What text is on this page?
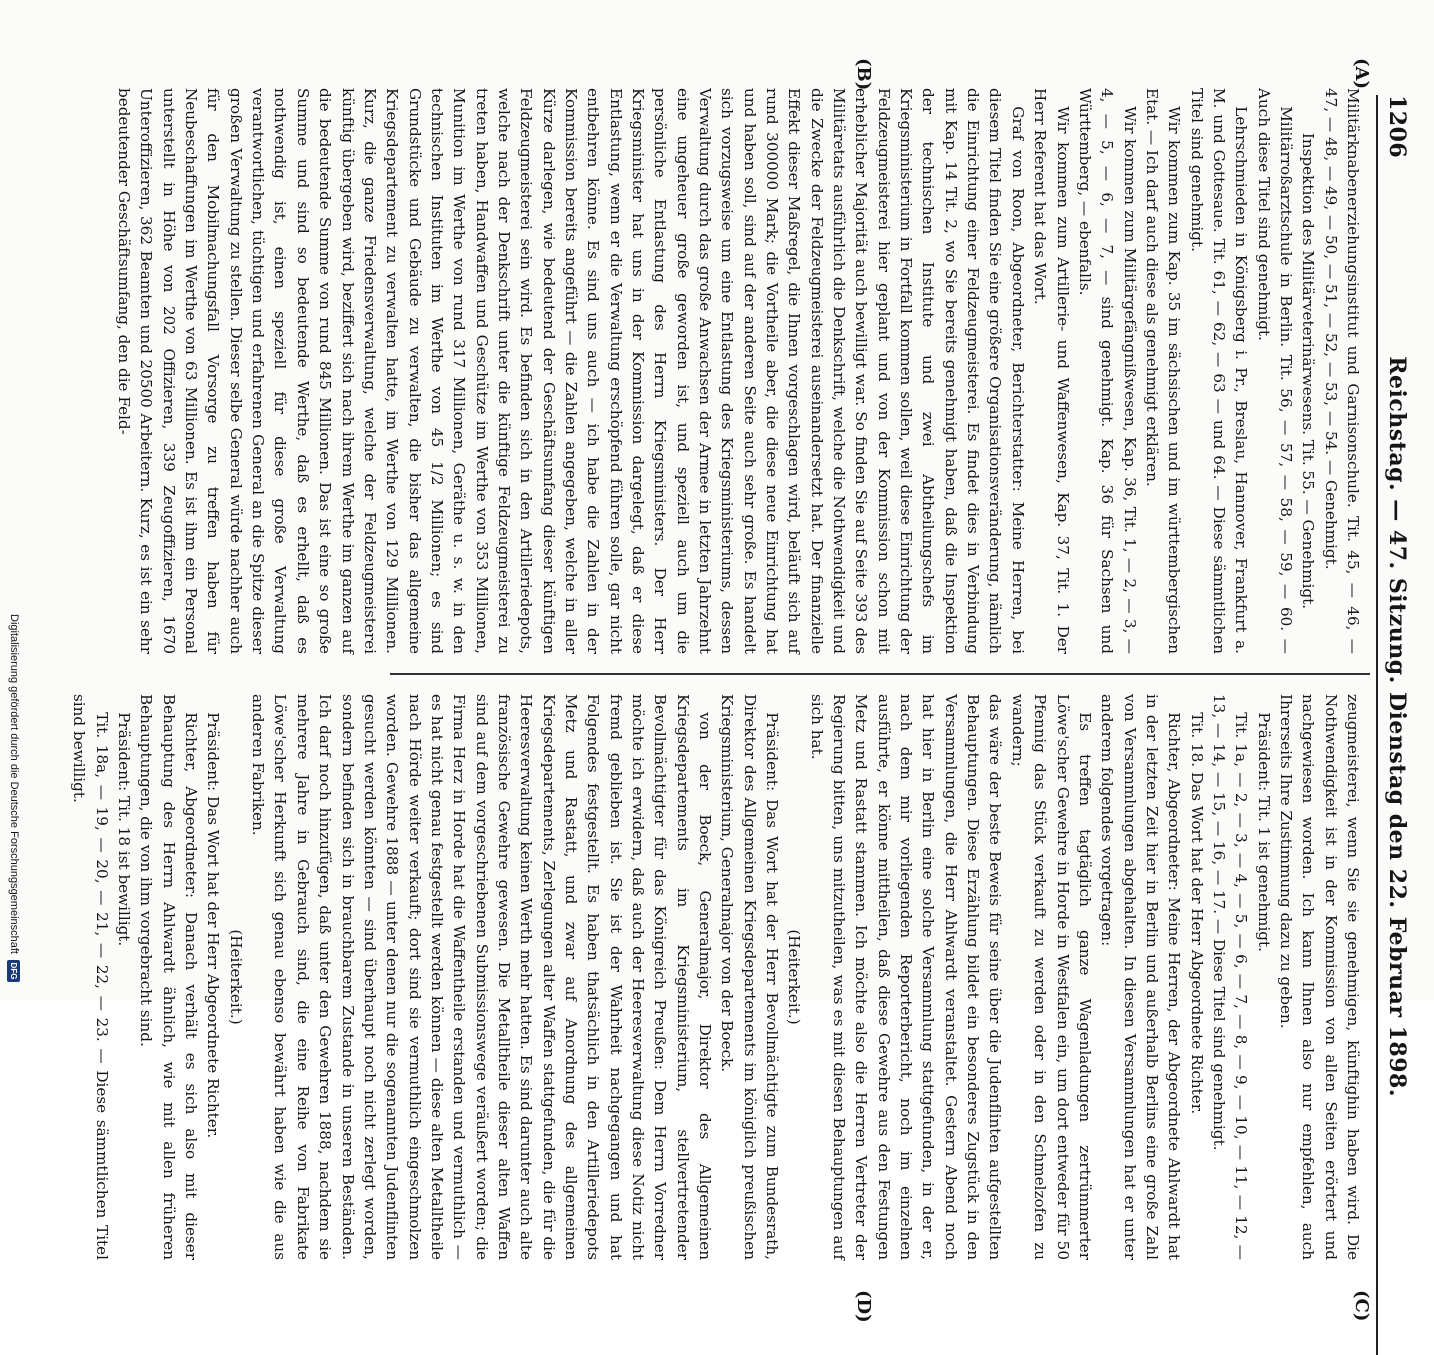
1206
Reichstag. — 47. Sitzung. Dienstag den 22. Februar 1898.
(A)
(B)
(C)
(D)

Militärknabenerziehungsinstitut und Garnisonschule. Tit. 45, — 46, — 47, — 48, — 49, — 50, — 51, — 52, — 53, — 54. — Genehmigt.

Inspektion des Militärveterinärwesens. Tit. 55. — Genehmigt.

Militärroßarztschule in Berlin. Tit. 56, — 57, — 58, — 59, — 60. — Auch diese Titel sind genehmigt.

Lehrschmieden in Königsberg i. Pr., Breslau, Hannover, Frankfurt a. M. und Gottesaue. Tit. 61, — 62, — 63 — und 64. — Diese sämmtlichen Titel sind genehmigt.

Wir kommen zum Kap. 35 im sächsischen und im württembergischen Etat. — Ich darf auch diese als genehmigt erklären.

Wir kommen zum Militärgefängnißwesen, Kap. 36, Tit. 1, — 2, — 3, — 4, — 5, — 6, — 7, — sind genehmigt. Kap. 36 für Sachsen und Württemberg, — ebenfalls.

Wir kommen zum Artillerie- und Waffenwesen, Kap. 37, Tit. 1. Der Herr Referent hat das Wort.

Graf von Roon, Abgeordneter, Berichterstatter: Meine Herren, bei diesem Titel finden Sie eine größere Organisationsveränderung, nämlich die Einrichtung einer Feldzeugmeisterei. Es findet dies in Verbindung mit Kap. 14 Tit. 2, wo Sie bereits genehmigt haben, daß die Inspektion der technischen Institute und zwei Abtheilungschefs im Kriegsministerium in Fortfall kommen sollen, weil diese Einrichtung der Feldzeugmeisterei hier geplant und von der Kommission schon mit erheblicher Majorität auch bewilligt war. So finden Sie auf Seite 393 des Militäretats ausführlich die Denkschrift, welche die Nothwendigkeit und die Zwecke der Feldzeugmeisterei auseinandersetzt hat. Der finanzielle Effekt dieser Maßregel, die Ihnen vorgeschlagen wird, beläuft sich auf rund 300000 Mark; die Vortheile aber, die diese neue Einrichtung hat und haben soll, sind auf der anderen Seite auch sehr große. Es handelt sich vorzugsweise um eine Entlastung des Kriegsministeriums, dessen Verwaltung durch das große Anwachsen der Armee in letzten Jahrzehnt eine ungeheuer große geworden ist, und speziell auch um die persönliche Entlastung des Herrn Kriegsministers. Der Herr Kriegsminister hat uns in der Kommission dargelegt, daß er diese Entlastung, wenn er die Verwaltung erschöpfend führen solle, gar nicht entbehren könne. Es sind uns auch — ich habe die Zahlen in der Kommission bereits angeführt — die Zahlen angegeben, welche in aller Kürze darlegen, wie bedeutend der Geschäftsumfang dieser künftigen Feldzeugmeisterei sein wird. Es befinden sich in den Artilleriedepots, welche nach der Denkschrift unter die künftige Feldzeugmeisterei zu treten haben, Handwaffen und Geschütze im Werthe von 353 Millionen, Munition im Werthe von rund 317 Millionen, Geräthe u. s. w. in den technischen Instituten im Werthe von 45 1/2 Millionen; es sind Grundstücke und Gebäude zu verwalten, die bisher das allgemeine Kriegsdepartement zu verwalten hatte, im Werthe von 129 Millionen. Kurz, die ganze Friedensverwaltung, welche der Feldzeugmeisterei künftig übergeben wird, beziffert sich nach ihrem Werthe im ganzen auf die bedeutende Summe von rund 845 Millionen. Das ist eine so große Summe und sind so bedeutende Werthe, daß es erhellt, daß es nothwendig ist, einen speziell für diese große Verwaltung verantwortlichen, tüchtigen und erfahrenen General an die Spitze dieser großen Verwaltung zu stellen. Dieser selbe General würde nachher auch für den Mobilmachungsfall Vorsorge zu treffen haben für Neubeschaffungen im Werthe von 63 Millionen. Es ist ihm ein Personal unterstellt in Höhe von 202 Offizieren, 339 Zeugoffizieren, 1670 Unteroffizieren, 362 Beamten und 20500 Arbeitern. Kurz, es ist ein sehr bedeutender Geschäftsumfang, den die Feld-

zeugmeisterei, wenn Sie sie genehmigen, künftighin haben wird. Die Nothwendigkeit ist in der Kommission von allen Seiten erörtert und nachgewiesen worden. Ich kann Ihnen also nur empfehlen, auch Ihrerseits Ihre Zustimmung dazu zu geben.

Präsident: Tit. 1 ist genehmigt.

Tit. 1a, — 2, — 3, — 4, — 5, — 6, — 7, — 8, — 9, — 10, — 11, — 12, — 13, — 14, — 15, — 16, — 17. — Diese Titel sind genehmigt.

Tit. 18. Das Wort hat der Herr Abgeordnete Richter.

Richter, Abgeordneter: Meine Herren, der Abgeordnete Ahlwardt hat in der letzten Zeit hier in Berlin und außerhalb Berlins eine große Zahl von Versammlungen abgehalten. In diesen Versammlungen hat er unter anderem folgendes vorgetragen:

Es treffen tagtäglich ganze Wagenladungen zertrümmerter Löwe'scher Gewehre in Horde in Westfalen ein, um dort entweder für 50 Pfennig das Stück verkauft zu werden oder in den Schmelzofen zu wandern;

das wäre der beste Beweis für seine über die Judenflinten aufgestellten Behauptungen. Diese Erzählung bildet ein besonderes Zugstück in den Versammlungen, die Herr Ahlwardt veranstaltet. Gestern Abend noch hat hier in Berlin eine solche Versammlung stattgefunden, in der er, nach dem mir vorliegenden Reporterbericht, noch im einzelnen ausführte, er könne mittheilen, daß diese Gewehre aus den Festungen Metz und Rastatt stammen. Ich möchte also die Herren Vertreter der Regierung bitten, uns mitzutheilen, was es mit diesen Behauptungen auf sich hat.

(Heiterkeit.)

Präsident: Das Wort hat der Herr Bevollmächtigte zum Bundesrath, Direktor des Allgemeinen Kriegsdepartements im königlich preußischen Kriegsministerium, Generalmajor von der Boeck.

von der Boeck, Generalmajor, Direktor des Allgemeinen Kriegsdepartements im Kriegsministerium, stellvertretender Bevollmächtigter für das Königreich Preußen: Dem Herrn Vorredner möchte ich erwidern, daß auch der Heeresverwaltung diese Notiz nicht fremd geblieben ist. Sie ist der Wahrheit nachgegangen und hat Folgendes festgestellt. Es haben thatsächlich in den Artilleriedepots Metz und Rastatt, und zwar auf Anordnung des allgemeinen Kriegsdepartements, Zerlegungen alter Waffen stattgefunden, die für die Heeresverwaltung keinen Werth mehr hatten. Es sind darunter auch alte französische Gewehre gewesen. Die Metalltheile dieser alten Waffen sind auf dem vorgeschriebenen Submissionswege veräußert worden; die Firma Herz in Horde hat die Waffentheile erstanden und vermuthlich — es hat nicht genau festgestellt werden können — diese alten Metalltheile nach Hörde weiter verkauft; dort sind sie vermuthlich eingeschmolzen worden. Gewehre 1888 — unter denen nur die sogenannten Judenflinten gesucht werden könnten — sind überhaupt noch nicht zerlegt worden, sondern befinden sich in brauchbarem Zustande in unseren Beständen. Ich darf noch hinzufügen, daß unter den Gewehren 1888, nachdem sie mehrere Jahre in Gebrauch sind, die eine Reihe von Fabrikate Löwe'scher Herkunft sich genau ebenso bewährt haben wie die aus anderen Fabriken.

(Heiterkeit.)

Präsident: Das Wort hat der Herr Abgeordnete Richter.

Richter, Abgeordneter: Danach verhält es sich also mit dieser Behauptung des Herrn Ahlwardt ähnlich, wie mit allen früheren Behauptungen, die von ihm vorgebracht sind.

Präsident: Tit. 18 ist bewilligt.

Tit. 18a, — 19, — 20, — 21, — 22, — 23. — Diese sämmtlichen Titel sind bewilligt.

Digitalisierung gefördert durch die Deutsche Forschungsgemeinschaft
DFG
